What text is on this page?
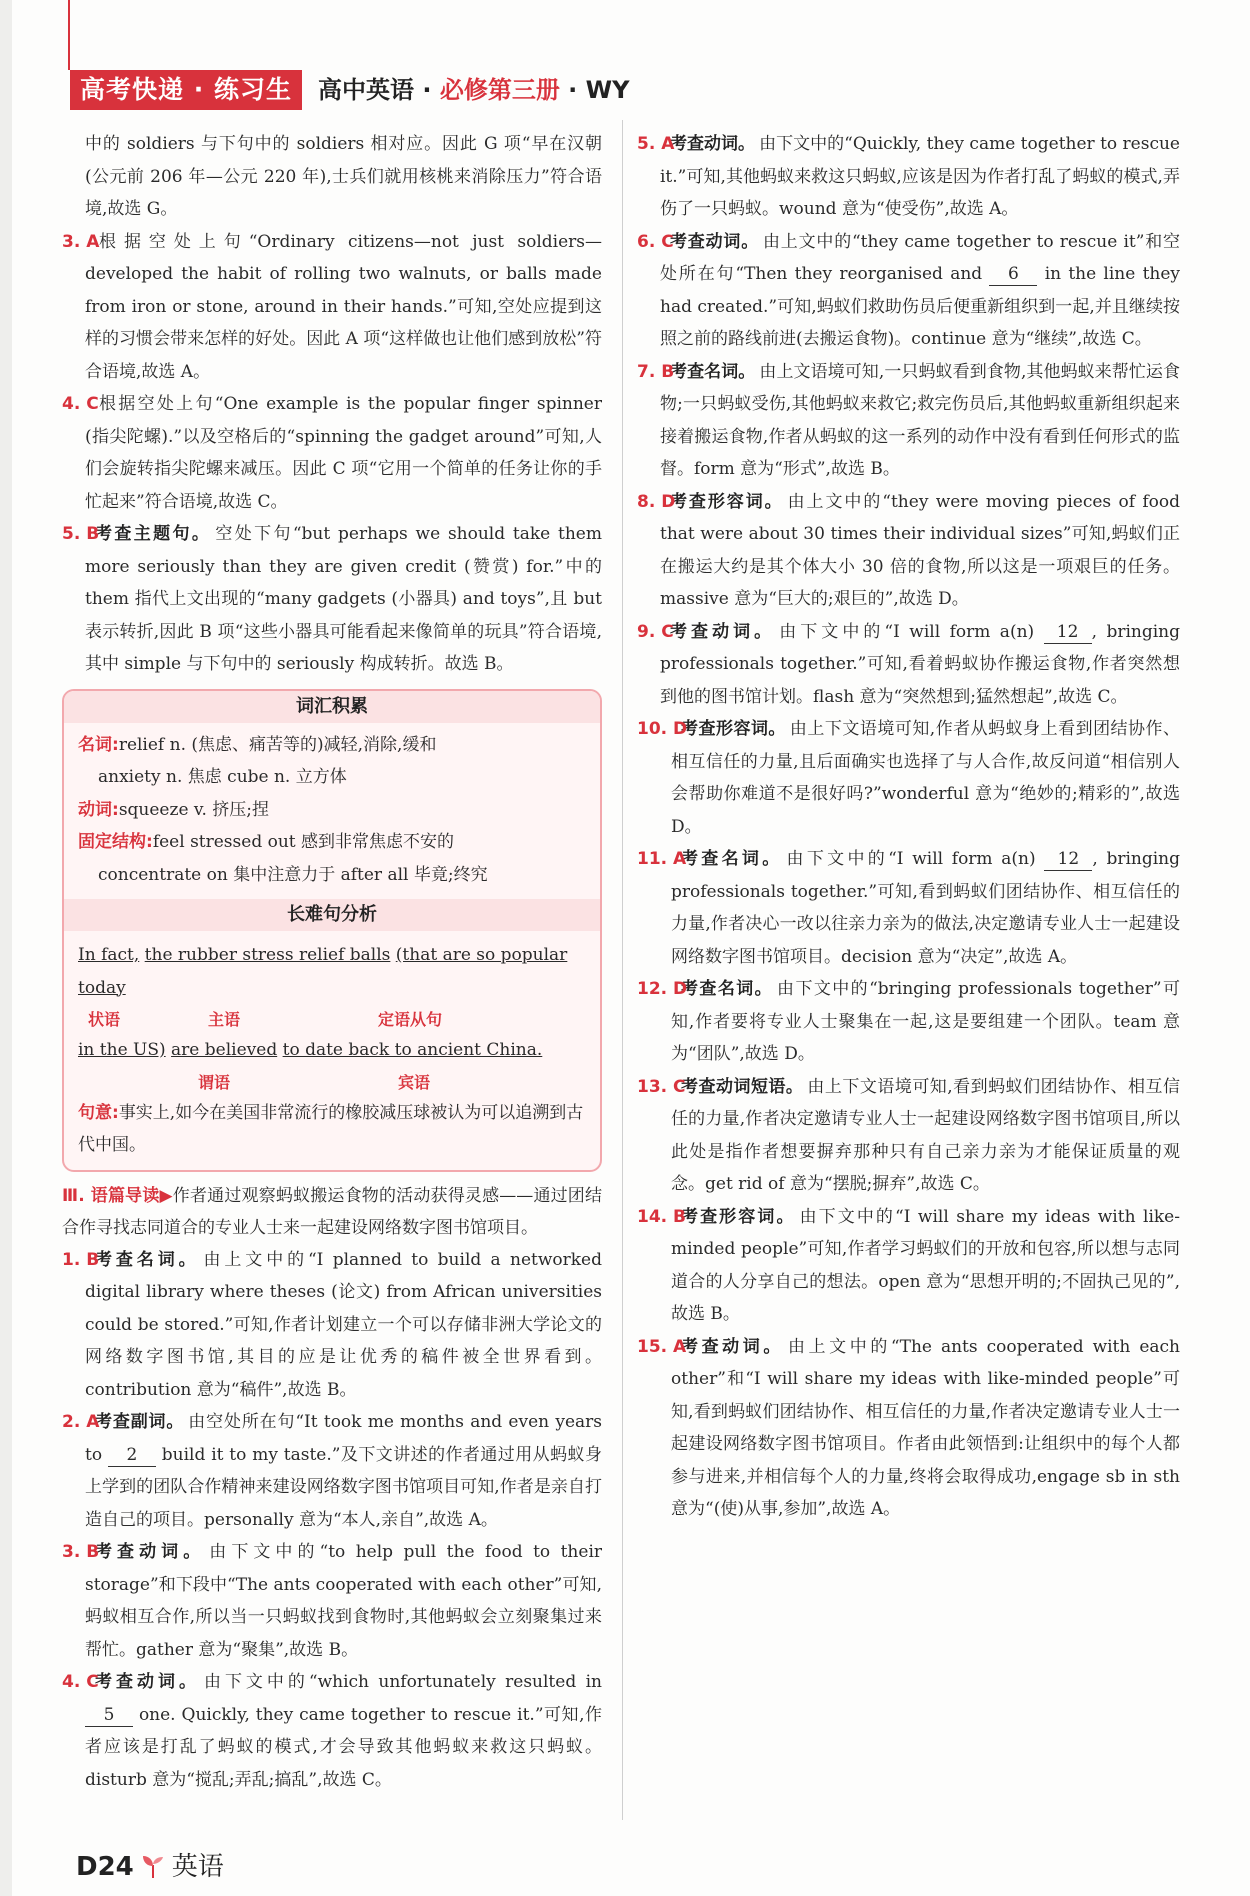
高考快递 · 练习生	高中英语 · 必修第三册 · WY

中的 soldiers 与下句中的 soldiers 相对应。因此 G 项“早在汉朝(公元前 206 年—公元 220 年),士兵们就用核桃来消除压力”符合语境,故选 G。

3. A 根据空处上句“Ordinary citizens—not just soldiers—developed the habit of rolling two walnuts, or balls made from iron or stone, around in their hands.”可知,空处应提到这样的习惯会带来怎样的好处。因此 A 项“这样做也让他们感到放松”符合语境,故选 A。
4. C 根据空处上句“One example is the popular finger spinner (指尖陀螺).”以及空格后的“spinning the gadget around”可知,人们会旋转指尖陀螺来减压。因此 C 项“它用一个简单的任务让你的手忙起来”符合语境,故选 C。
5. B
考查主题句。 空处下句“but perhaps we should take them more seriously than they are given credit (赞赏) for.”中的 them 指代上文出现的“many gadgets (小器具) and toys”,且 but 表示转折,因此 B 项“这些小器具可能看起来像简单的玩具”符合语境,其中 simple 与下句中的 seriously 构成转折。故选 B。
词汇积累

名词:relief n. (焦虑、痛苦等的)减轻,消除,缓和

anxiety n. 焦虑 cube n. 立方体

动词:squeeze v. 挤压;捏

固定结构:feel stressed out 感到非常焦虑不安的

concentrate on 集中注意力于 after all 毕竟;终究

长难句分析

In fact, the rubber stress relief balls (that are so popular today

状语	主语	定语从句

in the US) are believed to date back to ancient China.

谓语	宾语

句意:事实上,如今在美国非常流行的橡胶减压球被认为可以追溯到古代中国。

Ⅲ. 语篇导读▶作者通过观察蚂蚁搬运食物的活动获得灵感——通过团结合作寻找志同道合的专业人士来一起建设网络数字图书馆项目。

1. B
考查名词。 由上文中的“I planned to build a networked digital library where theses (论文) from African universities could be stored.”可知,作者计划建立一个可以存储非洲大学论文的网络数字图书馆,其目的应是让优秀的稿件被全世界看到。contribution 意为“稿件”,故选 B。
2. A
考查副词。 由空处所在句“It took me months and even years to 2 build it to my taste.”及下文讲述的作者通过用从蚂蚁身上学到的团队合作精神来建设网络数字图书馆项目可知,作者是亲自打造自己的项目。personally 意为“本人,亲自”,故选 A。
3. B
考查动词。 由下文中的“to help pull the food to their storage”和下段中“The ants cooperated with each other”可知,蚂蚁相互合作,所以当一只蚂蚁找到食物时,其他蚂蚁会立刻聚集过来帮忙。gather 意为“聚集”,故选 B。
4. C
考查动词。 由下文中的“which unfortunately resulted in 5 one. Quickly, they came together to rescue it.”可知,作者应该是打乱了蚂蚁的模式,才会导致其他蚂蚁来救这只蚂蚁。disturb 意为“搅乱;弄乱;搞乱”,故选 C。
5. A
考查动词。 由下文中的“Quickly, they came together to rescue it.”可知,其他蚂蚁来救这只蚂蚁,应该是因为作者打乱了蚂蚁的模式,弄伤了一只蚂蚁。wound 意为“使受伤”,故选 A。
6. C
考查动词。 由上文中的“they came together to rescue it”和空处所在句“Then they reorganised and 6 in the line they had created.”可知,蚂蚁们救助伤员后便重新组织到一起,并且继续按照之前的路线前进(去搬运食物)。continue 意为“继续”,故选 C。
7. B
考查名词。 由上文语境可知,一只蚂蚁看到食物,其他蚂蚁来帮忙运食物;一只蚂蚁受伤,其他蚂蚁来救它;救完伤员后,其他蚂蚁重新组织起来接着搬运食物,作者从蚂蚁的这一系列的动作中没有看到任何形式的监督。form 意为“形式”,故选 B。
8. D
考查形容词。 由上文中的“they were moving pieces of food that were about 30 times their individual sizes”可知,蚂蚁们正在搬运大约是其个体大小 30 倍的食物,所以这是一项艰巨的任务。massive 意为“巨大的;艰巨的”,故选 D。
9. C
考查动词。 由下文中的“I will form a(n) 12 , bringing professionals together.”可知,看着蚂蚁协作搬运食物,作者突然想到他的图书馆计划。flash 意为“突然想到;猛然想起”,故选 C。
10. D
考查形容词。 由上下文语境可知,作者从蚂蚁身上看到团结协作、相互信任的力量,且后面确实也选择了与人合作,故反问道“相信别人会帮助你难道不是很好吗?”wonderful 意为“绝妙的;精彩的”,故选 D。
11. A
考查名词。 由下文中的“I will form a(n) 12 , bringing professionals together.”可知,看到蚂蚁们团结协作、相互信任的力量,作者决心一改以往亲力亲为的做法,决定邀请专业人士一起建设网络数字图书馆项目。decision 意为“决定”,故选 A。
12. D
考查名词。 由下文中的“bringing professionals together”可知,作者要将专业人士聚集在一起,这是要组建一个团队。team 意为“团队”,故选 D。
13. C
考查动词短语。 由上下文语境可知,看到蚂蚁们团结协作、相互信任的力量,作者决定邀请专业人士一起建设网络数字图书馆项目,所以此处是指作者想要摒弃那种只有自己亲力亲为才能保证质量的观念。get rid of 意为“摆脱;摒弃”,故选 C。
14. B
考查形容词。 由下文中的“I will share my ideas with like-minded people”可知,作者学习蚂蚁们的开放和包容,所以想与志同道合的人分享自己的想法。open 意为“思想开明的;不固执己见的”,故选 B。
15. A
考查动词。 由上文中的“The ants cooperated with each other”和“I will share my ideas with like-minded people”可知,看到蚂蚁们团结协作、相互信任的力量,作者决定邀请专业人士一起建设网络数字图书馆项目。作者由此领悟到:让组织中的每个人都参与进来,并相信每个人的力量,终将会取得成功,engage sb in sth 意为“(使)从事,参加”,故选 A。
D24 英语
